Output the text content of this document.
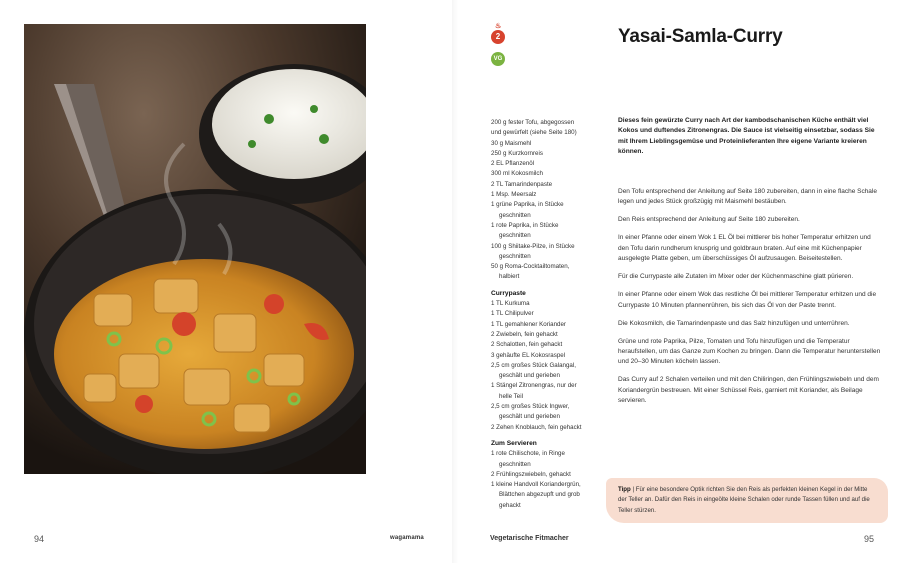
94	wagamama	Vegetarische Fitmacher	95
♨
2
VG
Yasai-Samla-Curry
200 g fester Tofu, abgegossen
und gewürfelt (siehe Seite 180)
30 g Maismehl
250 g Kurzkornreis
2 EL Pflanzenöl
300 ml Kokosmilch
2 TL Tamarindenpaste
1 Msp. Meersalz
1 grüne Paprika, in Stücke
geschnitten
1 rote Paprika, in Stücke
geschnitten
100 g Shiitake-Pilze, in Stücke
geschnitten
50 g Roma-Cocktailtomaten,
halbiert
Currypaste
1 TL Kurkuma
1 TL Chilipulver
1 TL gemahlener Koriander
2 Zwiebeln, fein gehackt
2 Schalotten, fein gehackt
3 gehäufte EL Kokosraspel
2,5 cm großes Stück Galangal,
geschält und gerieben
1 Stängel Zitronengras, nur der
helle Teil
2,5 cm großes Stück Ingwer,
geschält und gerieben
2 Zehen Knoblauch, fein gehackt
Zum Servieren
1 rote Chilischote, in Ringe
geschnitten
2 Frühlingszwiebeln, gehackt
1 kleine Handvoll Koriandergrün,
Blättchen abgezupft und grob
gehackt

Dieses fein gewürzte Curry nach Art der kambodschanischen Küche enthält viel Kokos und duftendes Zitronengras. Die Sauce ist vielseitig einsetzbar, sodass Sie mit Ihrem Lieblingsgemüse und Proteinlieferanten Ihre eigene Variante kreieren können.

Den Tofu entsprechend der Anleitung auf Seite 180 zubereiten, dann in eine flache Schale legen und jedes Stück großzügig mit Maismehl bestäuben.

Den Reis entsprechend der Anleitung auf Seite 180 zubereiten.

In einer Pfanne oder einem Wok 1 EL Öl bei mittlerer bis hoher Temperatur erhitzen und den Tofu darin rundherum knusprig und goldbraun braten. Auf eine mit Küchenpapier ausgelegte Platte geben, um überschüssiges Öl aufzusaugen. Beiseitestellen.

Für die Currypaste alle Zutaten im Mixer oder der Küchenmaschine glatt pürieren.

In einer Pfanne oder einem Wok das restliche Öl bei mittlerer Temperatur erhitzen und die Currypaste 10 Minuten pfannenrühren, bis sich das Öl von der Paste trennt.

Die Kokosmilch, die Tamarindenpaste und das Salz hinzufügen und unterrühren.

Grüne und rote Paprika, Pilze, Tomaten und Tofu hinzufügen und die Temperatur heraufstellen, um das Ganze zum Kochen zu bringen. Dann die Temperatur herunterstellen und 20–30 Minuten köcheln lassen.

Das Curry auf 2 Schalen verteilen und mit den Chiliringen, den Frühlingszwiebeln und dem Koriandergrün bestreuen. Mit einer Schüssel Reis, garniert mit Koriander, als Beilage servieren.

Tipp | Für eine besondere Optik richten Sie den Reis als perfekten kleinen Kegel in der Mitte der Teller an. Dafür den Reis in eingeölte kleine Schalen oder runde Tassen füllen und auf die Teller stürzen.
